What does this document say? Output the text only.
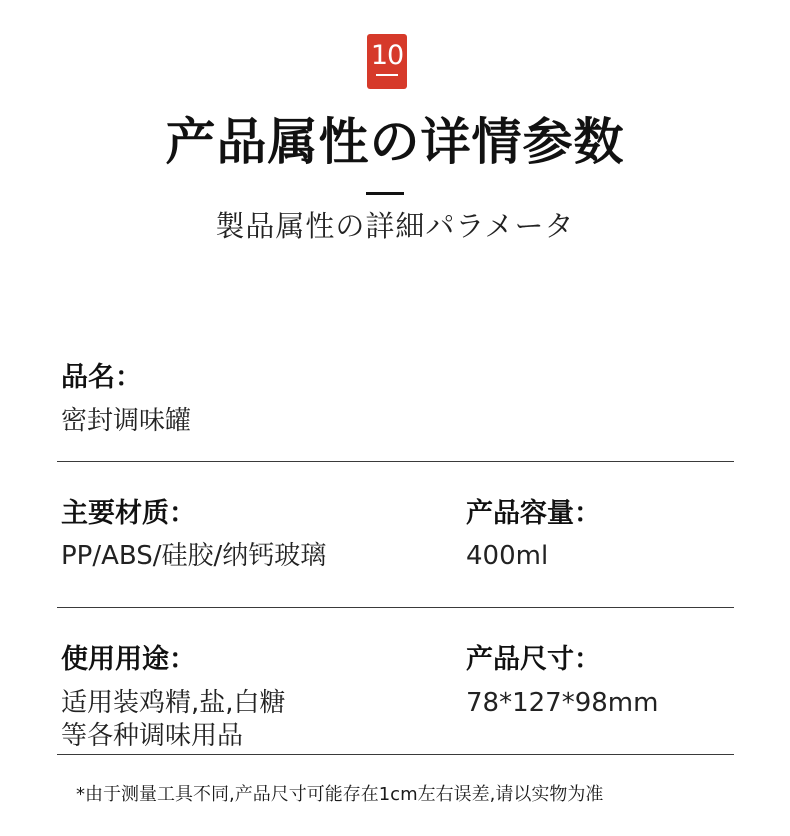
10
产品属性の详情参数
製品属性の詳細パラメータ
品名：
密封调味罐
主要材质：
PP/ABS/硅胶/纳钙玻璃
产品容量：
400ml
使用用途：
适用装鸡精,盐,白糖
等各种调味用品
产品尺寸：
78*127*98mm
*由于测量工具不同,产品尺寸可能存在1cm左右误差,请以实物为准
